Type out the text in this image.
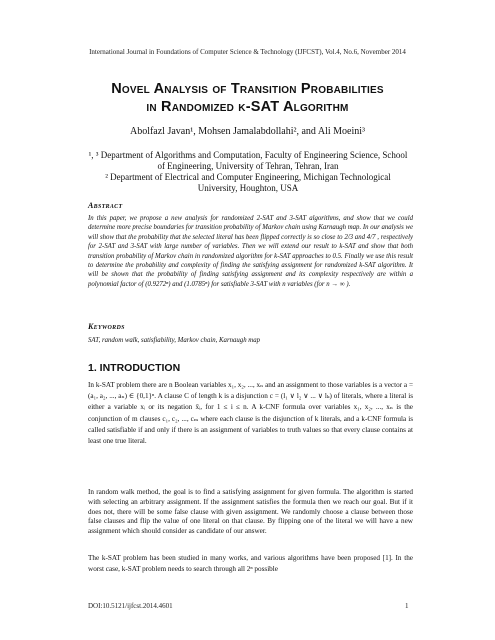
International Journal in Foundations of Computer Science & Technology (IJFCST), Vol.4, No.6, November 2014
Novel Analysis of Transition Probabilities
in Randomized k-SAT Algorithm
Abolfazl Javan¹, Mohsen Jamalabdollahi², and Ali Moeini³
¹, ³ Department of Algorithms and Computation, Faculty of Engineering Science, School of Engineering, University of Tehran, Tehran, Iran
² Department of Electrical and Computer Engineering, Michigan Technological University, Houghton, USA
Abstract
In this paper, we propose a new analysis for randomized 2-SAT and 3-SAT algorithms, and show that we could determine more precise boundaries for transition probability of Markov chain using Karnaugh map. In our analysis we will show that the probability that the selected literal has been flipped correctly is so close to 2/3 and 4/7 , respectively for 2-SAT and 3-SAT with large number of variables. Then we will extend our result to k-SAT and show that both transition probability of Markov chain in randomized algorithm for k-SAT approaches to 0.5. Finally we use this result to determine the probability and complexity of finding the satisfying assignment for randomized k-SAT algorithm. It will be shown that the probability of finding satisfying assignment and its complexity respectively are within a polynomial factor of (0.9272ⁿ) and (1.0785ⁿ) for satisfiable 3-SAT with n variables (for n → ∞ ).
Keywords
SAT, random walk, satisfiability, Markov chain, Karnaugh map
1. INTRODUCTION
In k-SAT problem there are n Boolean variables x₁, x₂, ..., xₙ and an assignment to those variables is a vector a = (a₁, a₂, ..., aₙ) ∈ {0,1}ⁿ. A clause C of length k is a disjunction c = (l₁ ∨ l₂ ∨ ... ∨ lₖ) of literals, where a literal is either a variable xᵢ or its negation x̄ᵢ, for 1 ≤ i ≤ n. A k-CNF formula over variables x₁, x₂, ..., xₙ is the conjunction of m clauses c₁, c₂, ..., cₘ where each clause is the disjunction of k literals, and a k-CNF formula is called satisfiable if and only if there is an assignment of variables to truth values so that every clause contains at least one true literal.
In random walk method, the goal is to find a satisfying assignment for given formula. The algorithm is started with selecting an arbitrary assignment. If the assignment satisfies the formula then we reach our goal. But if it does not, there will be some false clause with given assignment. We randomly choose a clause between those false clauses and flip the value of one literal on that clause. By flipping one of the literal we will have a new assignment which should consider as candidate of our answer.
The k-SAT problem has been studied in many works, and various algorithms have been proposed [1]. In the worst case, k-SAT problem needs to search through all 2ⁿ possible
DOI:10.5121/ijfcst.2014.4601	1
